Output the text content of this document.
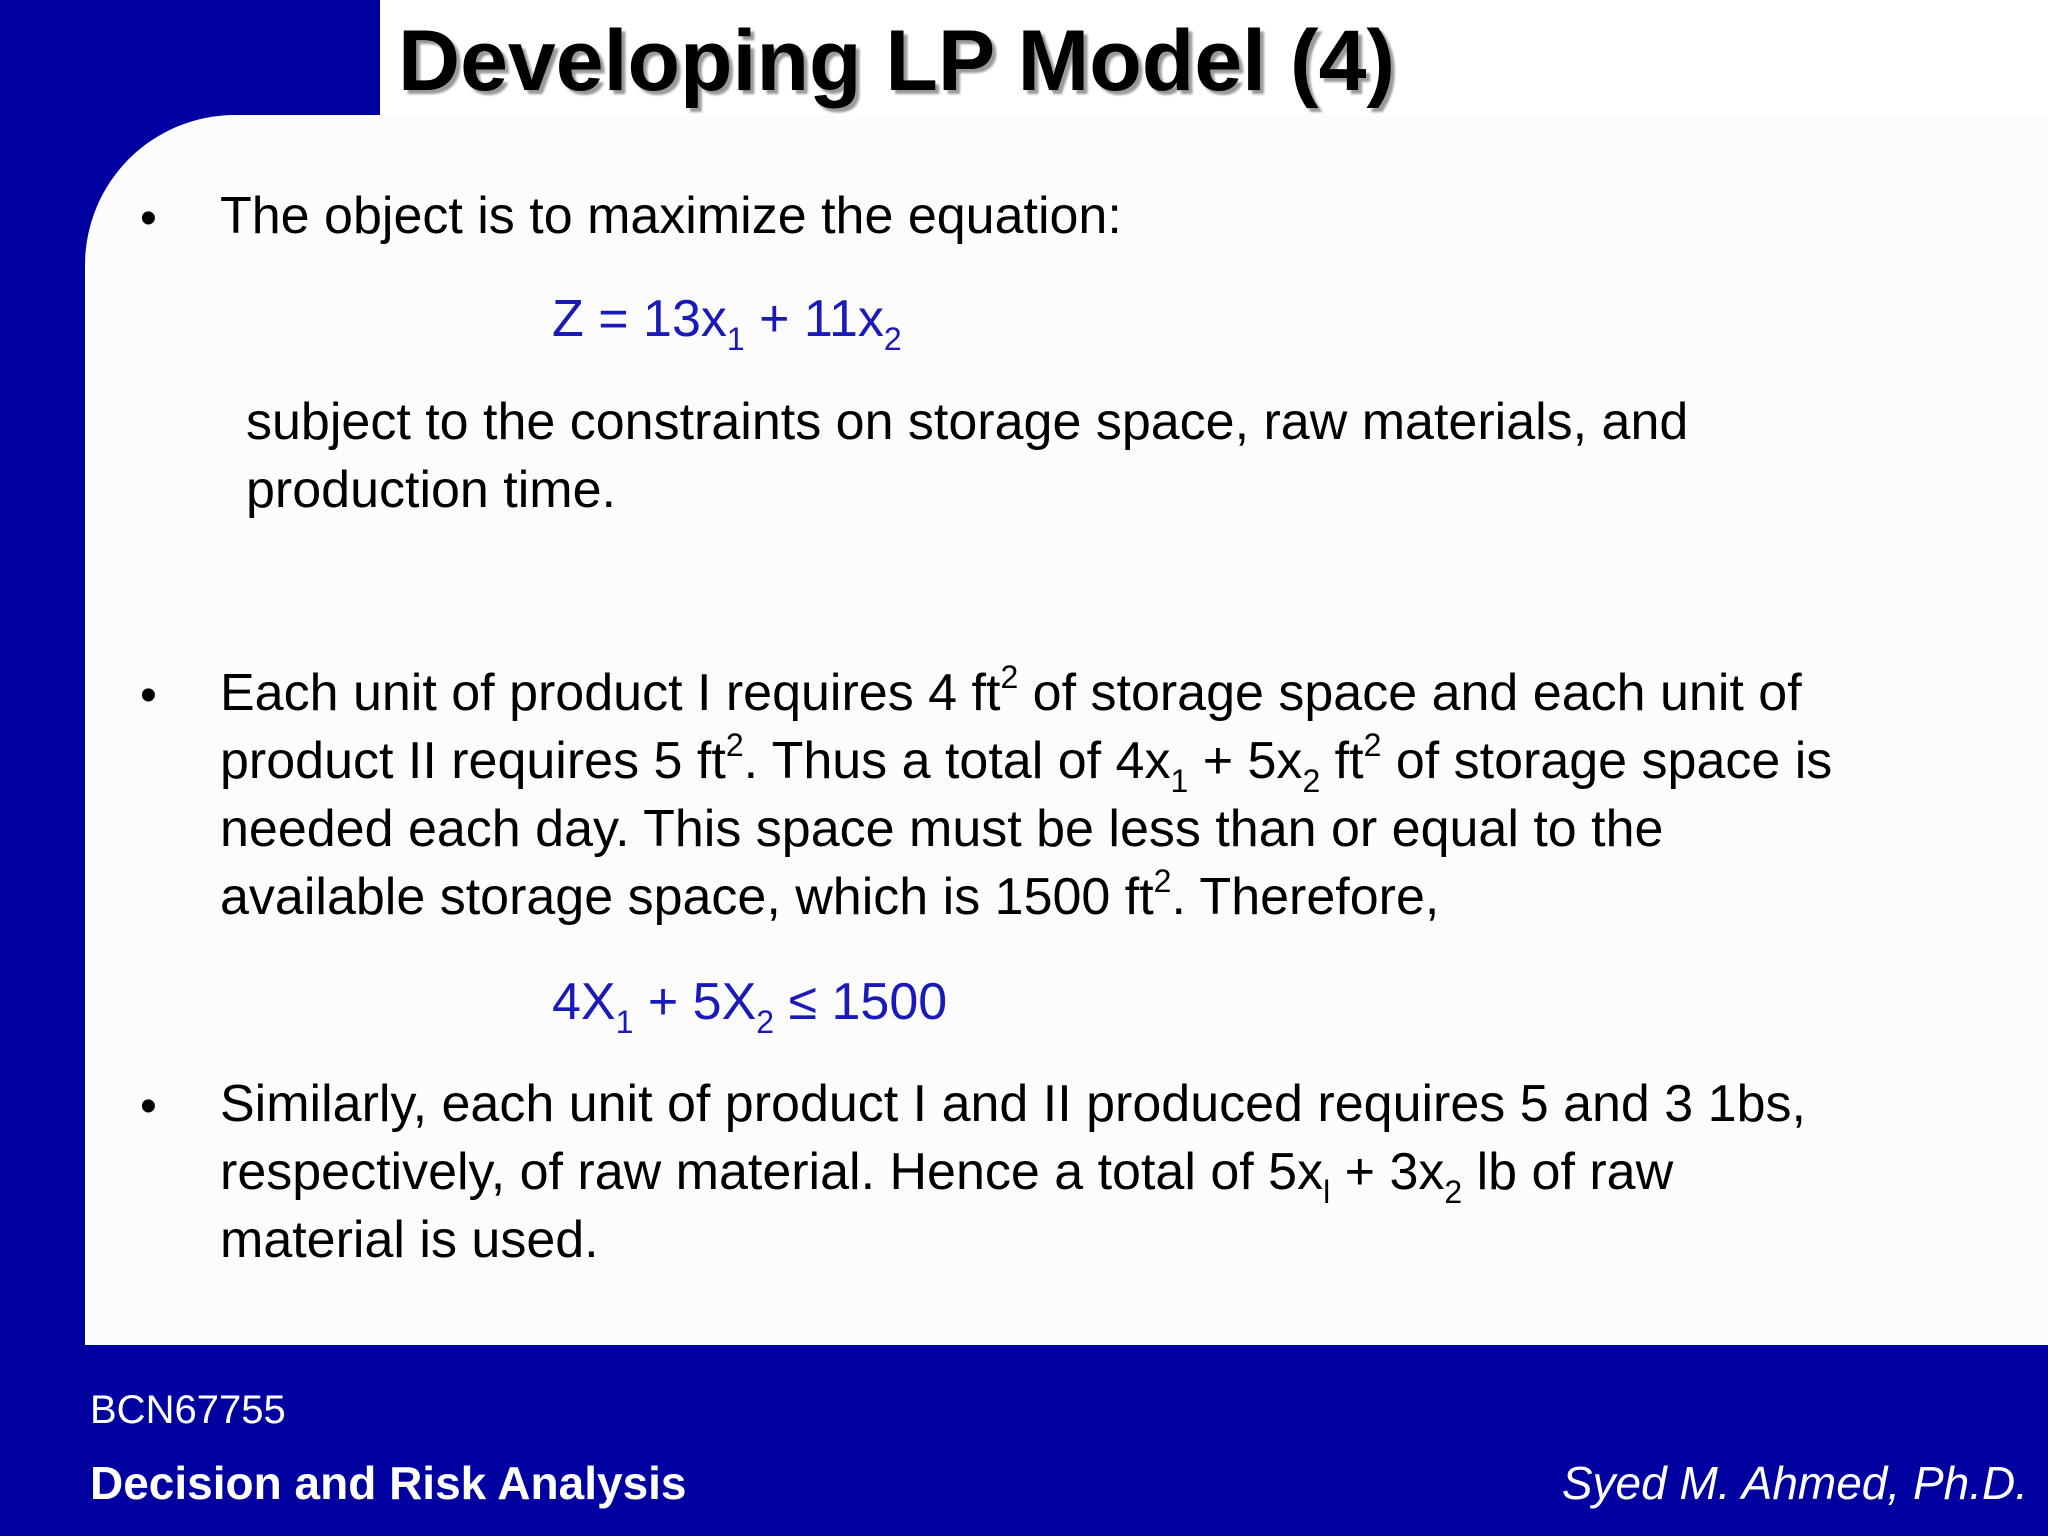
Developing LP Model (4)
• The object is to maximize the equation:

$Z = 13x_1 + 11x_2$

subject to the constraints on storage space, raw materials, and

production time.

• Each unit of product I requires 4 $ft^2$ of storage space and each unit of

product II requires 5 $ft^2$. Thus a total of $4x_1 + 5x_2$ $ft^2$ of storage space is

needed each day. This space must be less than or equal to the

available storage space, which is 1500 $ft^2$. Therefore,

$4X_1 + 5X_2 \le 1500$
• Similarly, each unit of product I and II produced requires 5 and 3 1bs,

respectively, of raw material. Hence a total of $5x_l + 3x_2$ lb of raw

material is used.

BCN67755
Decision and Risk Analysis	Syed M. Ahmed, Ph.D.
